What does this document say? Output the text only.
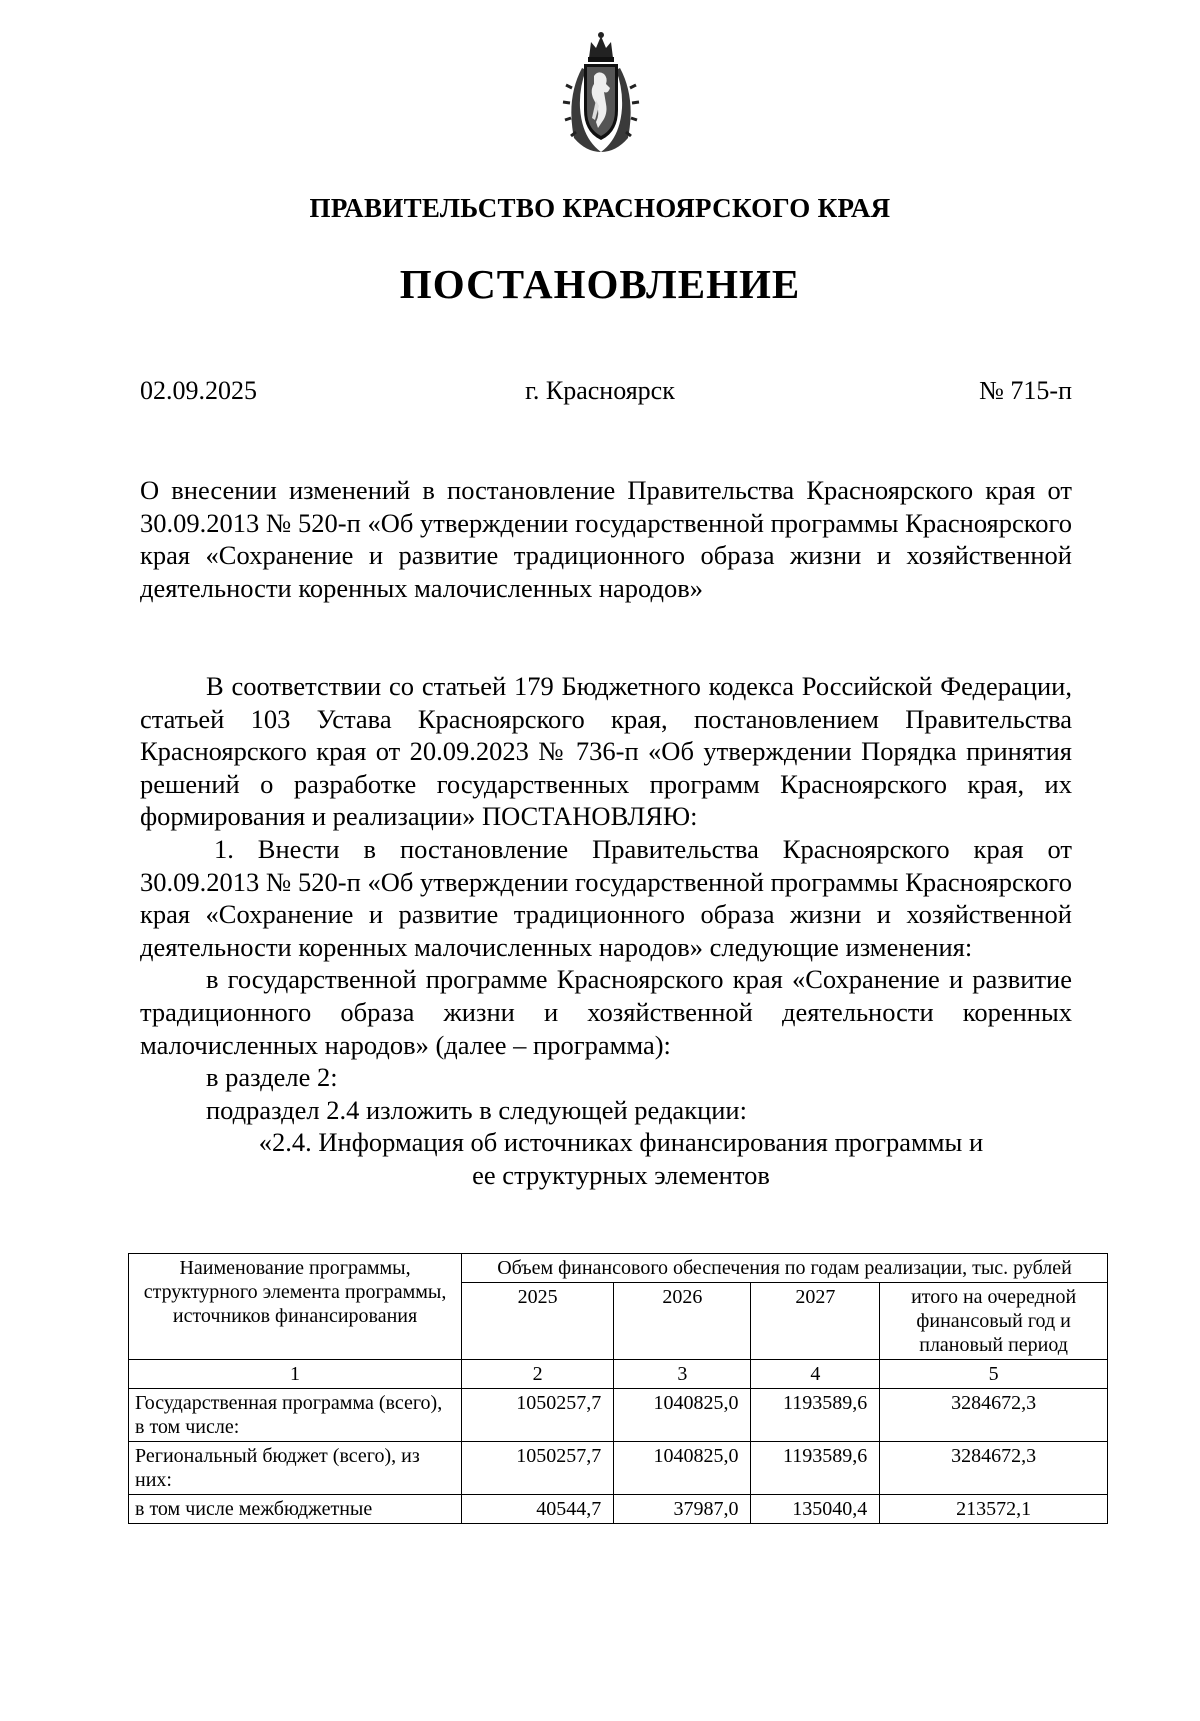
ПРАВИТЕЛЬСТВО КРАСНОЯРСКОГО КРАЯ
ПОСТАНОВЛЕНИЕ
г. Красноярск
02.09.2025	№ 715-п
О внесении изменений в постановление Правительства Красноярского края от 30.09.2013 № 520-п «Об утверждении государственной программы Красноярского края «Сохранение и развитие традиционного образа жизни и хозяйственной деятельности коренных малочисленных народов»

В соответствии со статьей 179 Бюджетного кодекса Российской Федерации, статьей 103 Устава Красноярского края, постановлением Правительства Красноярского края от 20.09.2023 № 736-п «Об утверждении Порядка принятия решений о разработке государственных программ Красноярского края, их формирования и реализации» ПОСТАНОВЛЯЮ:

1. Внести в постановление Правительства Красноярского края от 30.09.2013 № 520-п «Об утверждении государственной программы Красноярского края «Сохранение и развитие традиционного образа жизни и хозяйственной деятельности коренных малочисленных народов» следующие изменения:

в государственной программе Красноярского края «Сохранение и развитие традиционного образа жизни и хозяйственной деятельности коренных малочисленных народов» (далее – программа):

в разделе 2:

подраздел 2.4 изложить в следующей редакции:

«2.4. Информация об источниках финансирования программы и

ее структурных элементов

Наименование программы, структурного элемента программы, источников финансирования	Объем финансового обеспечения по годам реализации, тыс. рублей			
	2025	2026	2027	итого на очередной финансовый год и плановый период
1	2	3	4	5
Государственная программа (всего), в том числе:	1050257,7	1040825,0	1193589,6	3284672,3
Региональный бюджет (всего), из них:	1050257,7	1040825,0	1193589,6	3284672,3
в том числе межбюджетные	40544,7	37987,0	135040,4	213572,1
